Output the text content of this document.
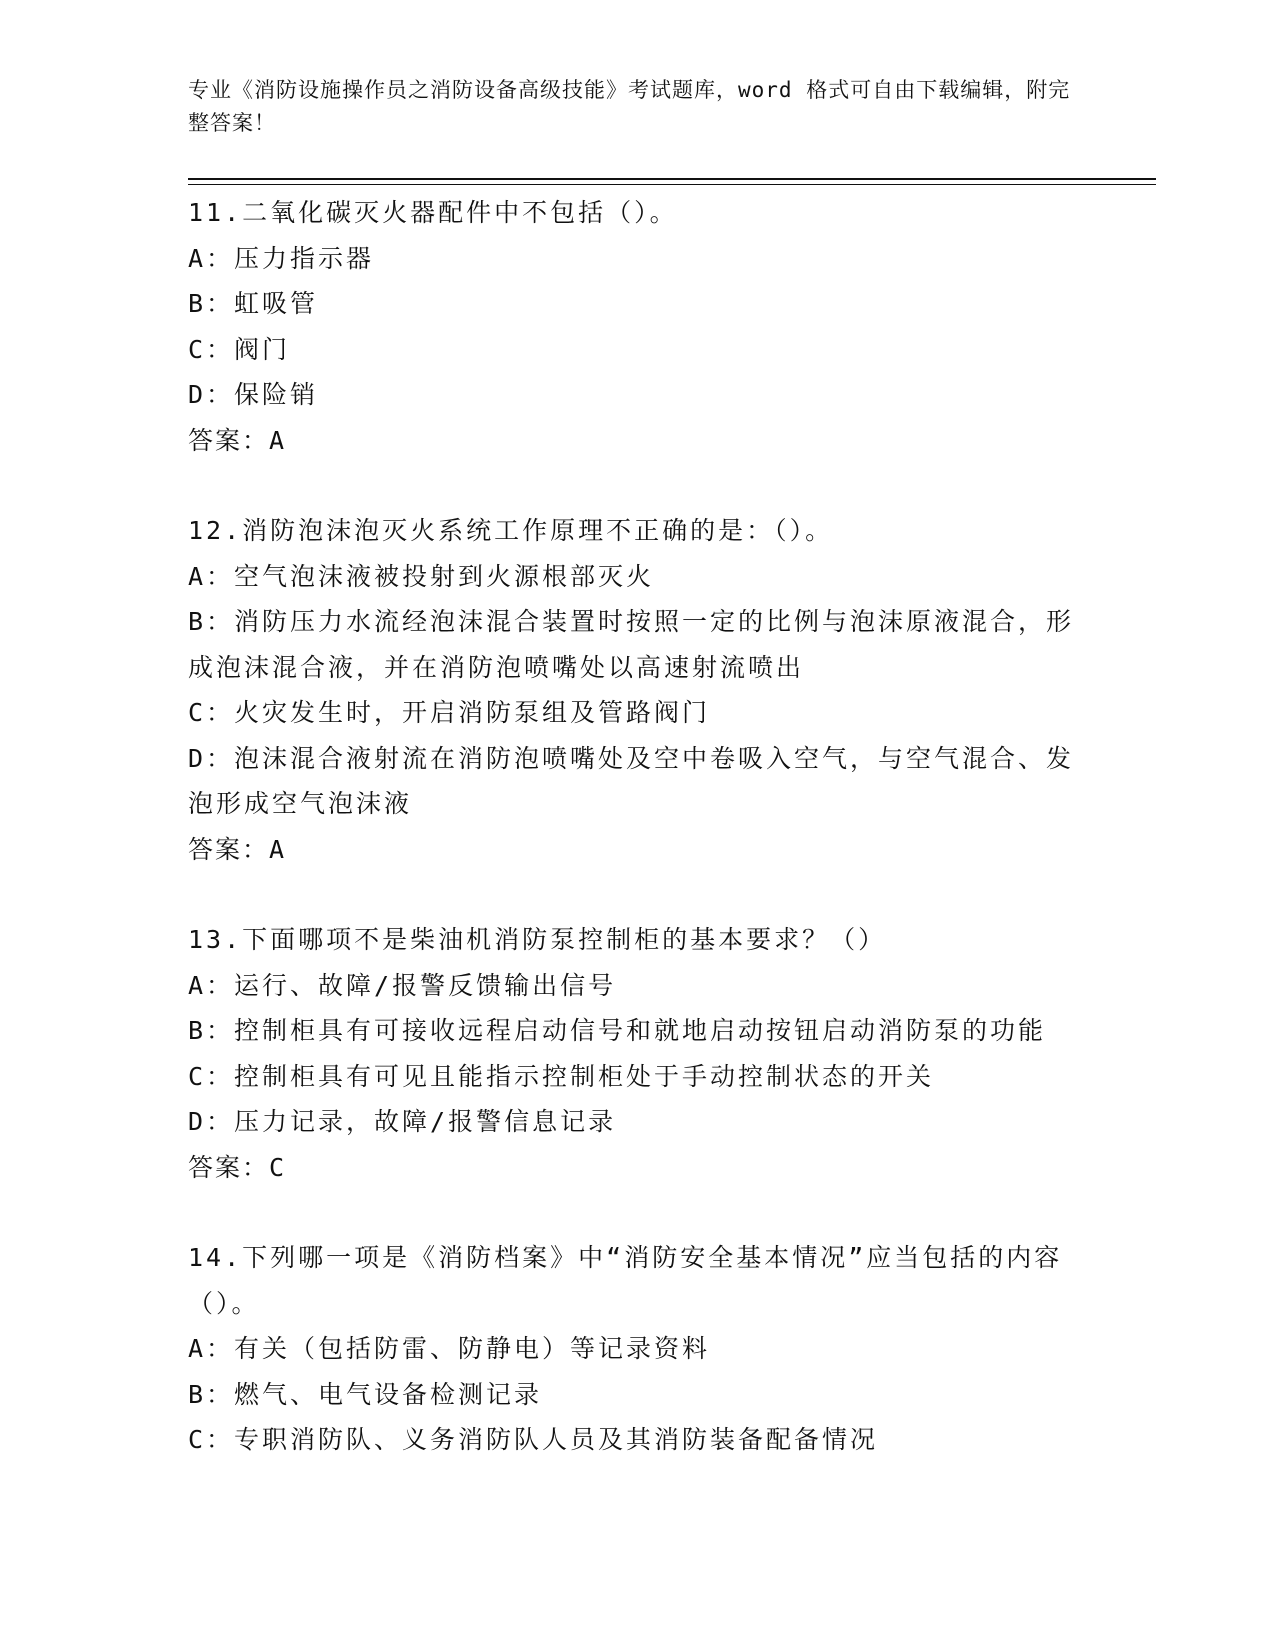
专业《消防设施操作员之消防设备高级技能》考试题库，word 格式可自由下载编辑，附完整答案！
11.二氧化碳灭火器配件中不包括（）。
A：压力指示器
B：虹吸管
C：阀门
D：保险销
答案：A
12.消防泡沫泡灭火系统工作原理不正确的是：（）。
A：空气泡沫液被投射到火源根部灭火
B：消防压力水流经泡沫混合装置时按照一定的比例与泡沫原液混合，形成泡沫混合液，并在消防泡喷嘴处以高速射流喷出
C：火灾发生时，开启消防泵组及管路阀门
D：泡沫混合液射流在消防泡喷嘴处及空中卷吸入空气，与空气混合、发泡形成空气泡沫液
答案：A
13.下面哪项不是柴油机消防泵控制柜的基本要求？（）
A：运行、故障/报警反馈输出信号
B：控制柜具有可接收远程启动信号和就地启动按钮启动消防泵的功能
C：控制柜具有可见且能指示控制柜处于手动控制状态的开关
D：压力记录，故障/报警信息记录
答案：C
14.下列哪一项是《消防档案》中“消防安全基本情况”应当包括的内容（）。
A：有关（包括防雷、防静电）等记录资料
B：燃气、电气设备检测记录
C：专职消防队、义务消防队人员及其消防装备配备情况
